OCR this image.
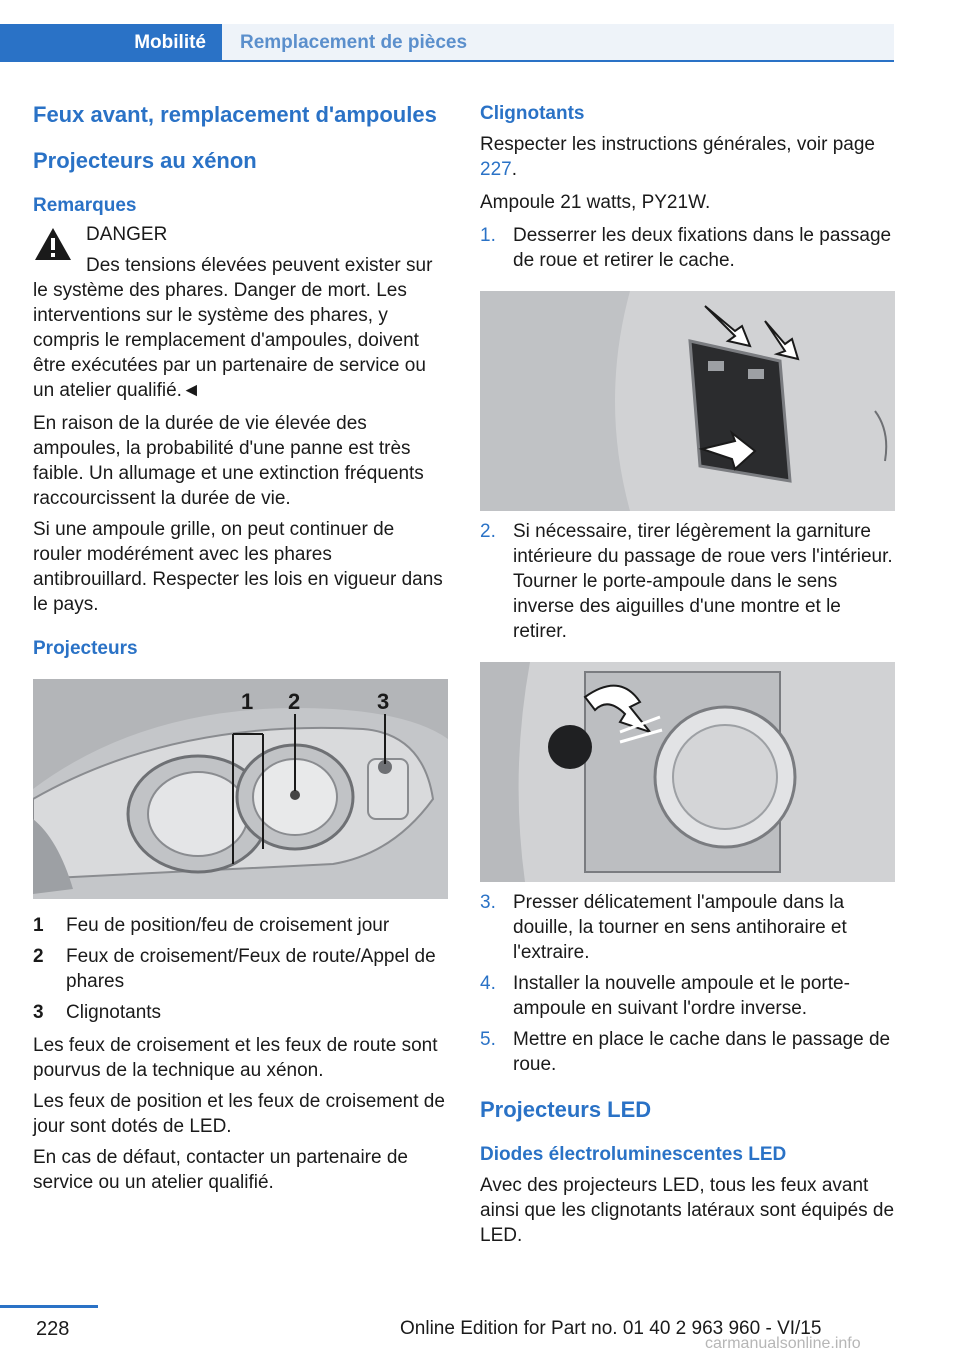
Mobilité	Remplacement de pièces
Feux avant, remplacement d'ampoules
Projecteurs au xénon
Remarques

DANGER

Des tensions élevées peuvent exister sur

le système des phares. Danger de mort. Les interventions sur le système des phares, y compris le remplacement d'ampoules, doivent être exécutées par un partenaire de service ou un atelier qualifié.◄

En raison de la durée de vie élevée des ampoules, la probabilité d'une panne est très faible. Un allumage et une extinction fréquents raccourcissent la durée de vie.

Si une ampoule grille, on peut continuer de rouler modérément avec les phares antibrouillard. Respecter les lois en vigueur dans le pays.

Projecteurs
1 2	3
1	Feu de position/feu de croisement jour
2	Feux de croisement/Feux de route/Appel de phares
3	Clignotants

Les feux de croisement et les feux de route sont pourvus de la technique au xénon.

Les feux de position et les feux de croisement de jour sont dotés de LED.

En cas de défaut, contacter un partenaire de service ou un atelier qualifié.

Clignotants

Respecter les instructions générales, voir page 227.

Ampoule 21 watts, PY21W.

1. Desserrer les deux fixations dans le passage de roue et retirer le cache.
2. Si nécessaire, tirer légèrement la garniture intérieure du passage de roue vers l'intérieur. Tourner le porte-ampoule dans le sens inverse des aiguilles d'une montre et le retirer.
3. Presser délicatement l'ampoule dans la douille, la tourner en sens antihoraire et l'extraire.
4. Installer la nouvelle ampoule et le porte-ampoule en suivant l'ordre inverse.
5. Mettre en place le cache dans le passage de roue.
Projecteurs LED
Diodes électroluminescentes LED

Avec des projecteurs LED, tous les feux avant ainsi que les clignotants latéraux sont équipés de LED.

228	Online Edition for Part no. 01 40 2 963 960 - VI/15
carmanualsonline.info
